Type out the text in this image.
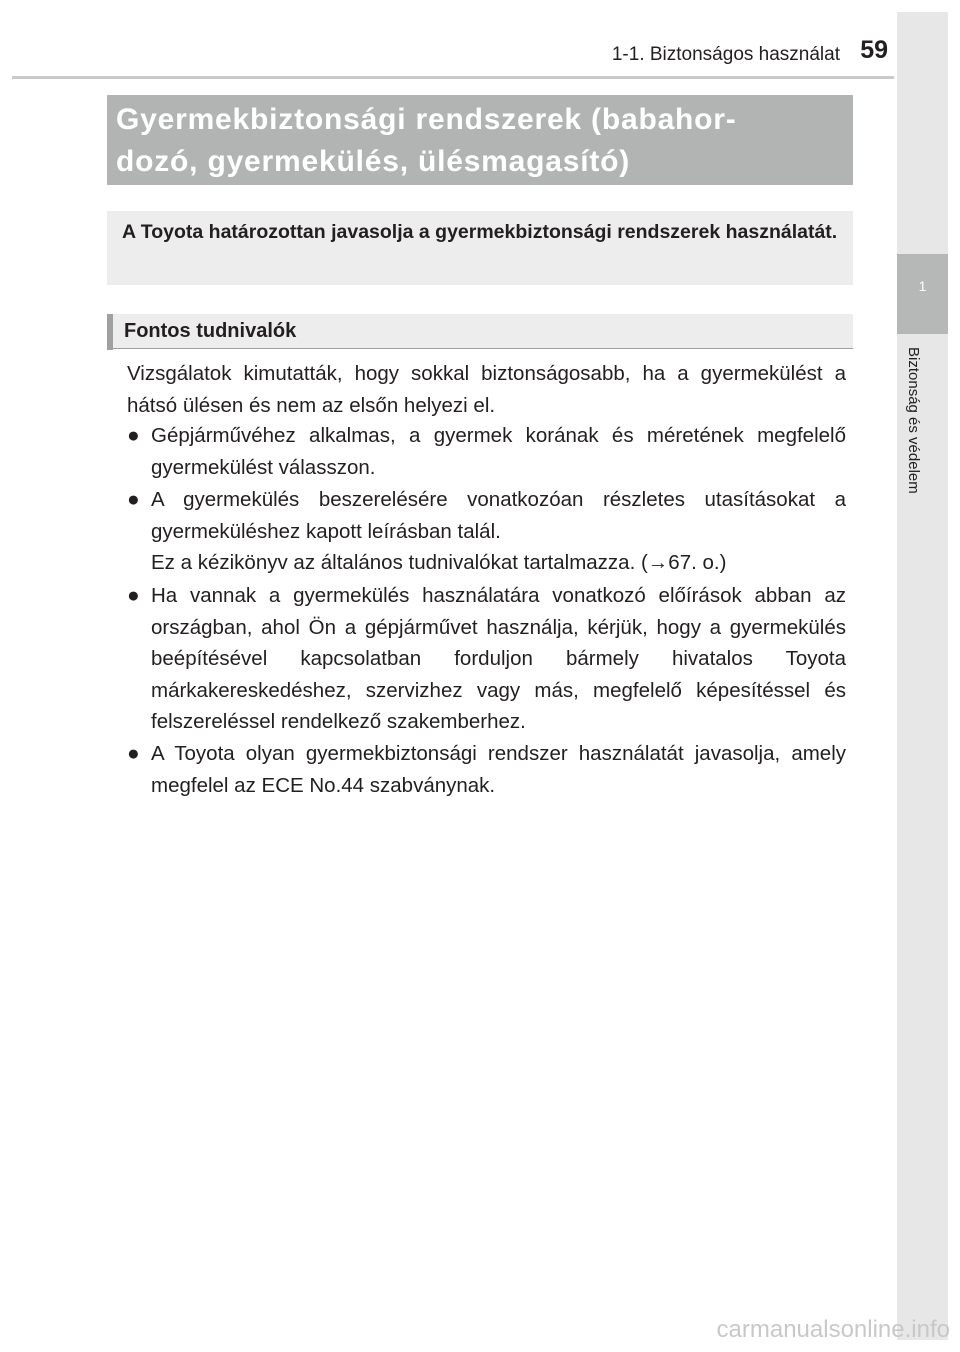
1-1. Biztonságos használat 59
1
Biztonság és védelem
Gyermekbiztonsági rendszerek (babahor-
dozó, gyermekülés, ülésmagasító)
A Toyota határozottan javasolja a gyermekbiztonsági rendszerek használatát.
Fontos tudnivalók

Vizsgálatok kimutatták, hogy sokkal biztonságosabb, ha a gyermekülést a hátsó ülésen és nem az elsőn helyezi el.

● Gépjárművéhez alkalmas, a gyermek korának és méretének megfelelő gyermekülést válasszon.

● A gyermekülés beszerelésére vonatkozóan részletes utasításokat a gyermeküléshez kapott leírásban talál.

Ez a kézikönyv az általános tudnivalókat tartalmazza. (→67. o.)

● Ha vannak a gyermekülés használatára vonatkozó előírások abban az országban, ahol Ön a gépjárművet használja, kérjük, hogy a gyermekülés beépítésével kapcsolatban forduljon bármely hivatalos Toyota márkakereskedéshez, szervizhez vagy más, megfelelő képesítéssel és felszereléssel rendelkező szakemberhez.

● A Toyota olyan gyermekbiztonsági rendszer használatát javasolja, amely megfelel az ECE No.44 szabványnak.

carmanualsonline.info
